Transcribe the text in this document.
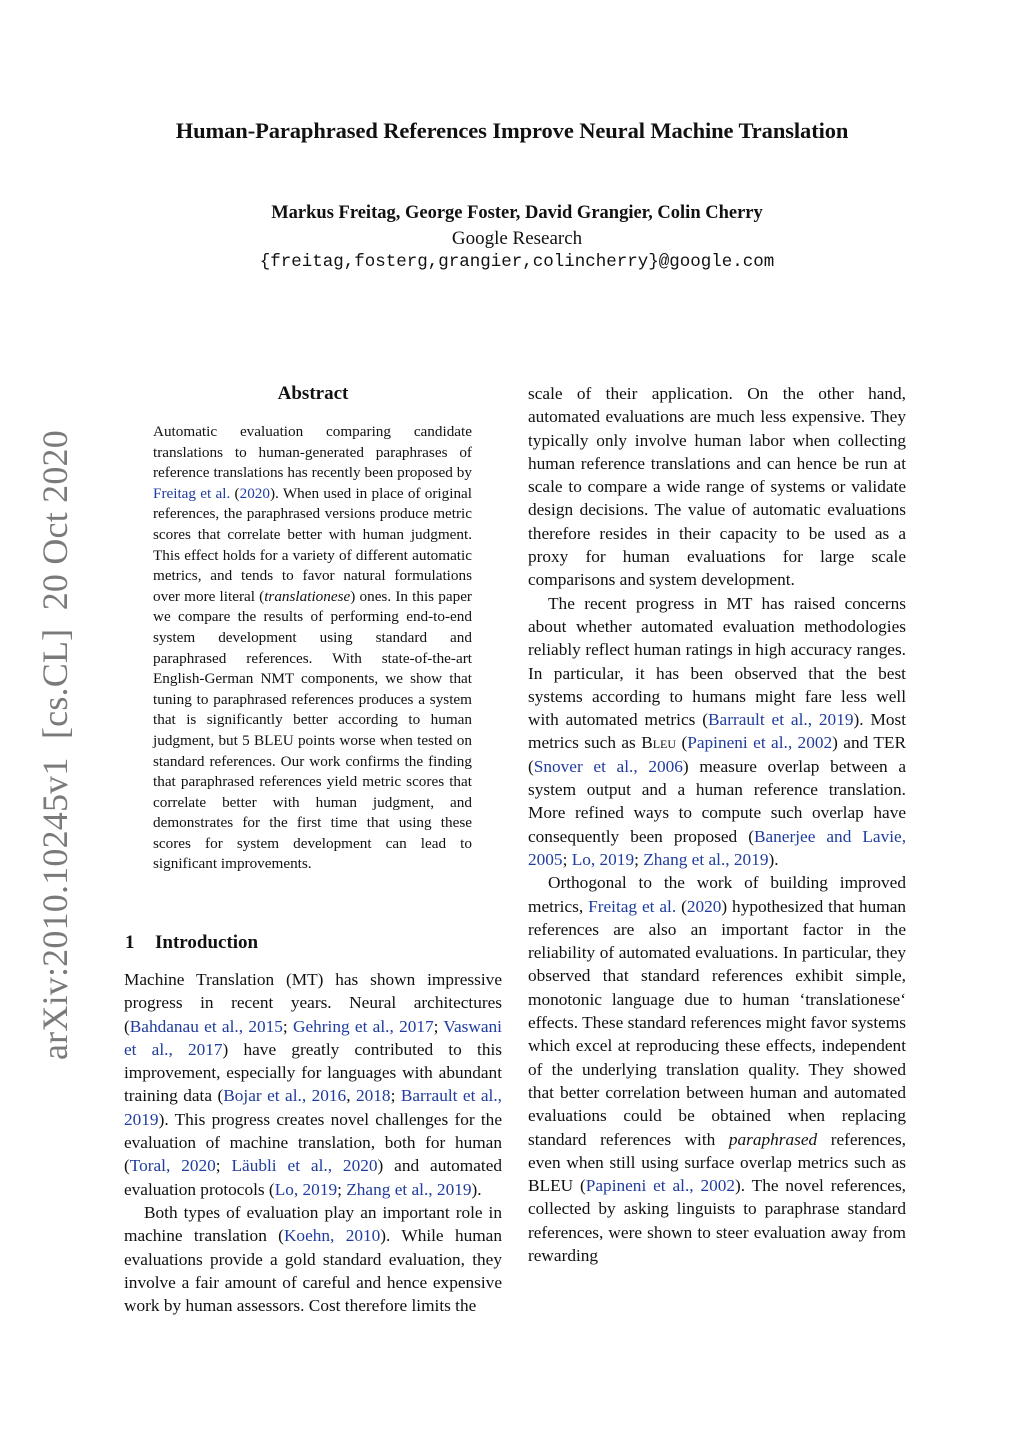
Human-Paraphrased References Improve Neural Machine Translation
Markus Freitag, George Foster, David Grangier, Colin Cherry
Google Research
{freitag,fosterg,grangier,colincherry}@google.com
arXiv:2010.10245v1  [cs.CL]  20 Oct 2020
Abstract
Automatic evaluation comparing candidate translations to human-generated paraphrases of reference translations has recently been proposed by Freitag et al. (2020). When used in place of original references, the paraphrased versions produce metric scores that correlate better with human judgment. This effect holds for a variety of different automatic metrics, and tends to favor natural formulations over more literal (translationese) ones. In this paper we compare the results of performing end-to-end system development using standard and paraphrased references. With state-of-the-art English-German NMT components, we show that tuning to paraphrased references produces a system that is significantly better according to human judgment, but 5 BLEU points worse when tested on standard references. Our work confirms the finding that paraphrased references yield metric scores that correlate better with human judgment, and demonstrates for the first time that using these scores for system development can lead to significant improvements.
1 Introduction

Machine Translation (MT) has shown impressive progress in recent years. Neural architectures (Bahdanau et al., 2015; Gehring et al., 2017; Vaswani et al., 2017) have greatly contributed to this improvement, especially for languages with abundant training data (Bojar et al., 2016, 2018; Barrault et al., 2019). This progress creates novel challenges for the evaluation of machine translation, both for human (Toral, 2020; Läubli et al., 2020) and automated evaluation protocols (Lo, 2019; Zhang et al., 2019).

Both types of evaluation play an important role in machine translation (Koehn, 2010). While human evaluations provide a gold standard evaluation, they involve a fair amount of careful and hence expensive work by human assessors. Cost therefore limits the

scale of their application. On the other hand, automated evaluations are much less expensive. They typically only involve human labor when collecting human reference translations and can hence be run at scale to compare a wide range of systems or validate design decisions. The value of automatic evaluations therefore resides in their capacity to be used as a proxy for human evaluations for large scale comparisons and system development.

The recent progress in MT has raised concerns about whether automated evaluation methodologies reliably reflect human ratings in high accuracy ranges. In particular, it has been observed that the best systems according to humans might fare less well with automated metrics (Barrault et al., 2019). Most metrics such as Bleu (Papineni et al., 2002) and TER (Snover et al., 2006) measure overlap between a system output and a human reference translation. More refined ways to compute such overlap have consequently been proposed (Banerjee and Lavie, 2005; Lo, 2019; Zhang et al., 2019).

Orthogonal to the work of building improved metrics, Freitag et al. (2020) hypothesized that human references are also an important factor in the reliability of automated evaluations. In particular, they observed that standard references exhibit simple, monotonic language due to human ‘translationese‘ effects. These standard references might favor systems which excel at reproducing these effects, independent of the underlying translation quality. They showed that better correlation between human and automated evaluations could be obtained when replacing standard references with paraphrased references, even when still using surface overlap metrics such as BLEU (Papineni et al., 2002). The novel references, collected by asking linguists to paraphrase standard references, were shown to steer evaluation away from rewarding
